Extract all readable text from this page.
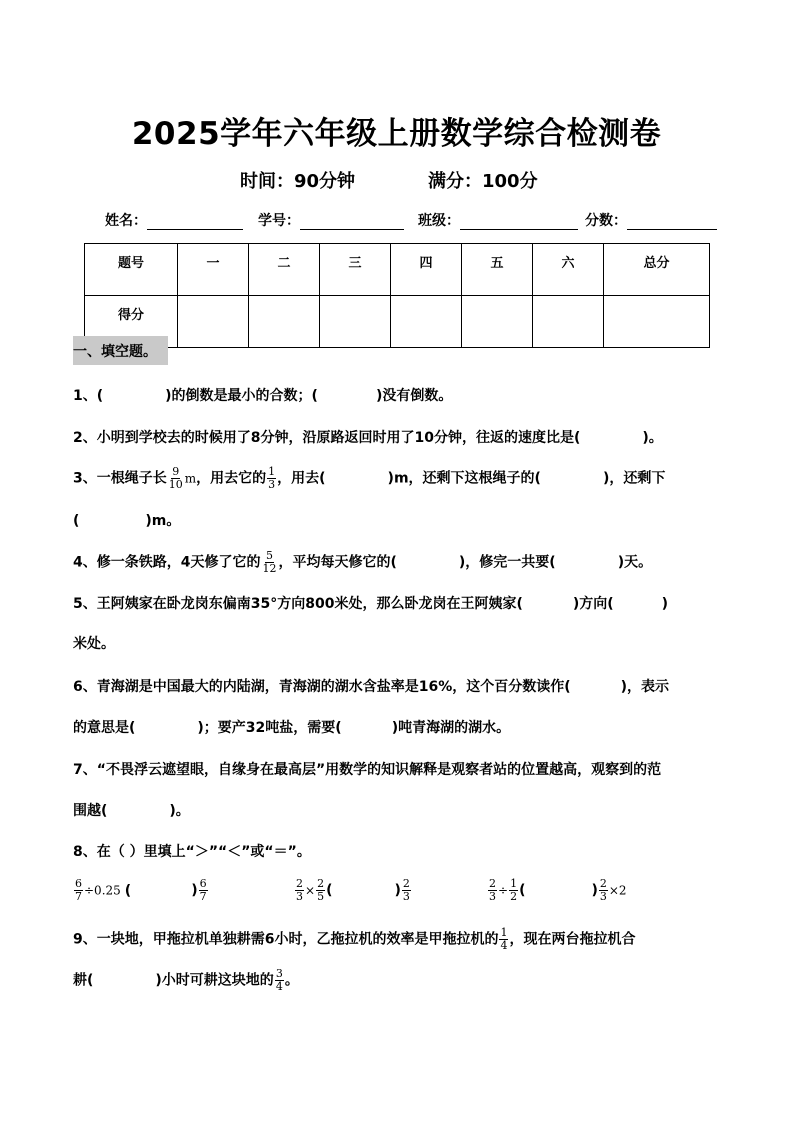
2025学年六年级上册数学综合检测卷
时间：90分钟	满分：100分
姓名：	学号：	班级：	分数：
题号	一	二	三	四	五	六	总分
得分							
一、填空题。
1、(	)的倒数是最小的合数；(	)没有倒数。
2、小明到学校去的时候用了8分钟，沿原路返回时用了10分钟，往返的速度比是(	)。
3、一根绳子长 $\frac{9}{10}$ m，用去它的 $\frac{1}{3}$ ，用去(	)m，还剩下这根绳子的(	)，还剩下
(	)m。
4、修一条铁路，4天修了它的 $\frac{5}{12}$ ，平均每天修它的(	)，修完一共要(	)天。
5、王阿姨家在卧龙岗东偏南35°方向800米处，那么卧龙岗在王阿姨家(	)方向(	)
米处。
6、青海湖是中国最大的内陆湖，青海湖的湖水含盐率是16%，这个百分数读作(	)，表示
的意思是(	)；要产32吨盐，需要(	)吨青海湖的湖水。
7、“不畏浮云遮望眼，自缘身在最高层”用数学的知识解释是观察者站的位置越高，观察到的范
围越(	)。
8、在（ ）里填上“＞”“＜”或“＝”。
$\frac{6}{7} \div 0.25$ (	) $\frac{6}{7}$	$\frac{2}{3} \times \frac{2}{5}$ (	) $\frac{2}{3}$	$\frac{2}{3} \div \frac{1}{2}$ (	) $\frac{2}{3} \times 2$
9、一块地，甲拖拉机单独耕需6小时，乙拖拉机的效率是甲拖拉机的 $\frac{1}{4}$ ，现在两台拖拉机合
耕(	)小时可耕这块地的 $\frac{3}{4}$ 。
